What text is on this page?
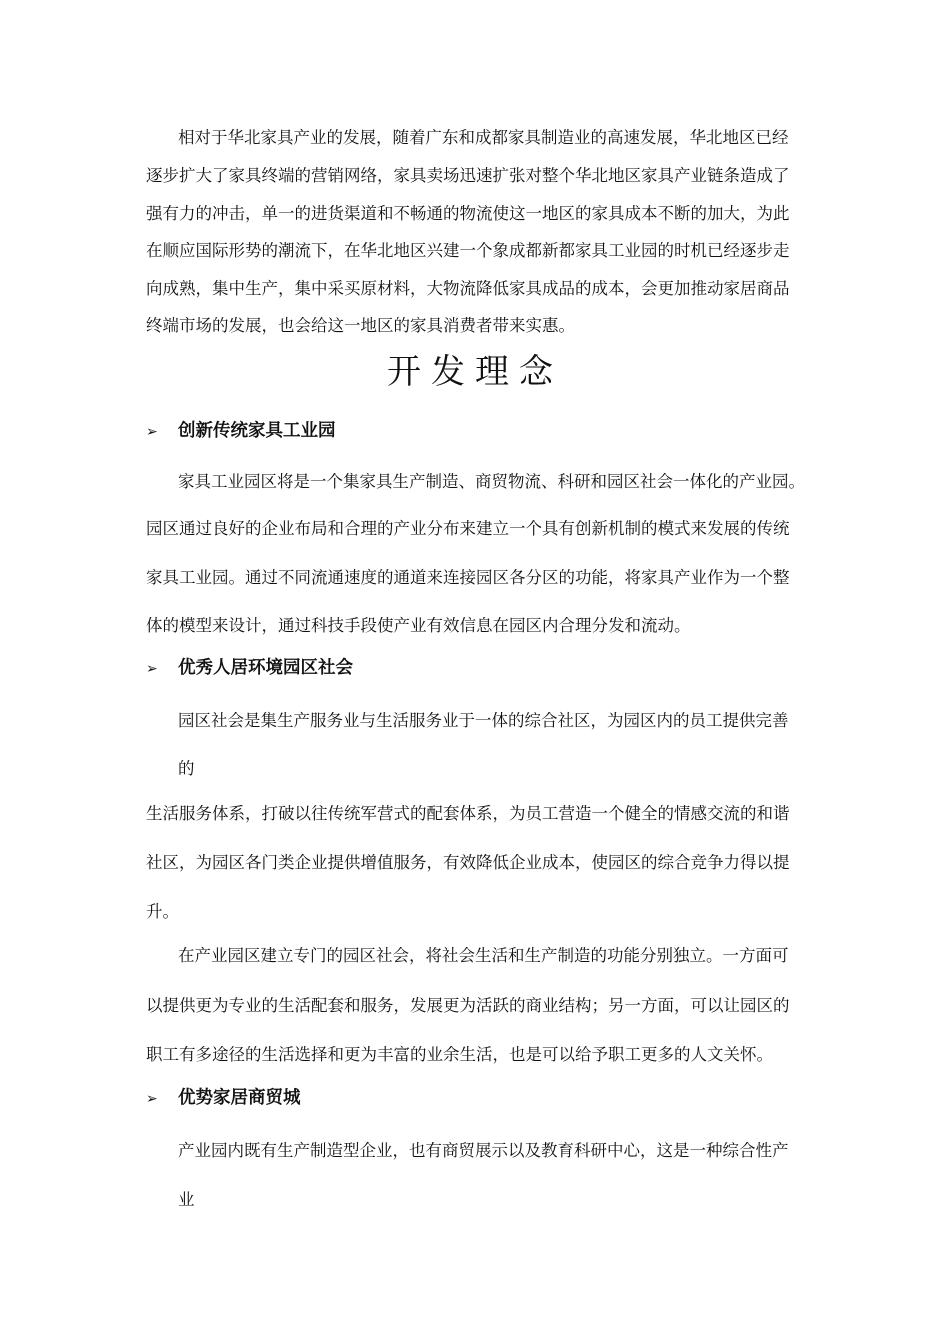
相对于华北家具产业的发展，随着广东和成都家具制造业的高速发展，华北地区已经
逐步扩大了家具终端的营销网络，家具卖场迅速扩张对整个华北地区家具产业链条造成了
强有力的冲击，单一的进货渠道和不畅通的物流使这一地区的家具成本不断的加大，为此
在顺应国际形势的潮流下，在华北地区兴建一个象成都新都家具工业园的时机已经逐步走
向成熟，集中生产，集中采买原材料，大物流降低家具成品的成本，会更加推动家居商品
终端市场的发展，也会给这一地区的家具消费者带来实惠。
开发理念
➢ 创新传统家具工业园
家具工业园区将是一个集家具生产制造、商贸物流、科研和园区社会一体化的产业园。
园区通过良好的企业布局和合理的产业分布来建立一个具有创新机制的模式来发展的传统
家具工业园。通过不同流通速度的通道来连接园区各分区的功能，将家具产业作为一个整
体的模型来设计，通过科技手段使产业有效信息在园区内合理分发和流动。
➢ 优秀人居环境园区社会
园区社会是集生产服务业与生活服务业于一体的综合社区，为园区内的员工提供完善
的
生活服务体系，打破以往传统军营式的配套体系，为员工营造一个健全的情感交流的和谐
社区，为园区各门类企业提供增值服务，有效降低企业成本，使园区的综合竞争力得以提
升。
在产业园区建立专门的园区社会，将社会生活和生产制造的功能分别独立。一方面可
以提供更为专业的生活配套和服务，发展更为活跃的商业结构；另一方面，可以让园区的
职工有多途径的生活选择和更为丰富的业余生活，也是可以给予职工更多的人文关怀。
➢ 优势家居商贸城
产业园内既有生产制造型企业，也有商贸展示以及教育科研中心，这是一种综合性产
业
